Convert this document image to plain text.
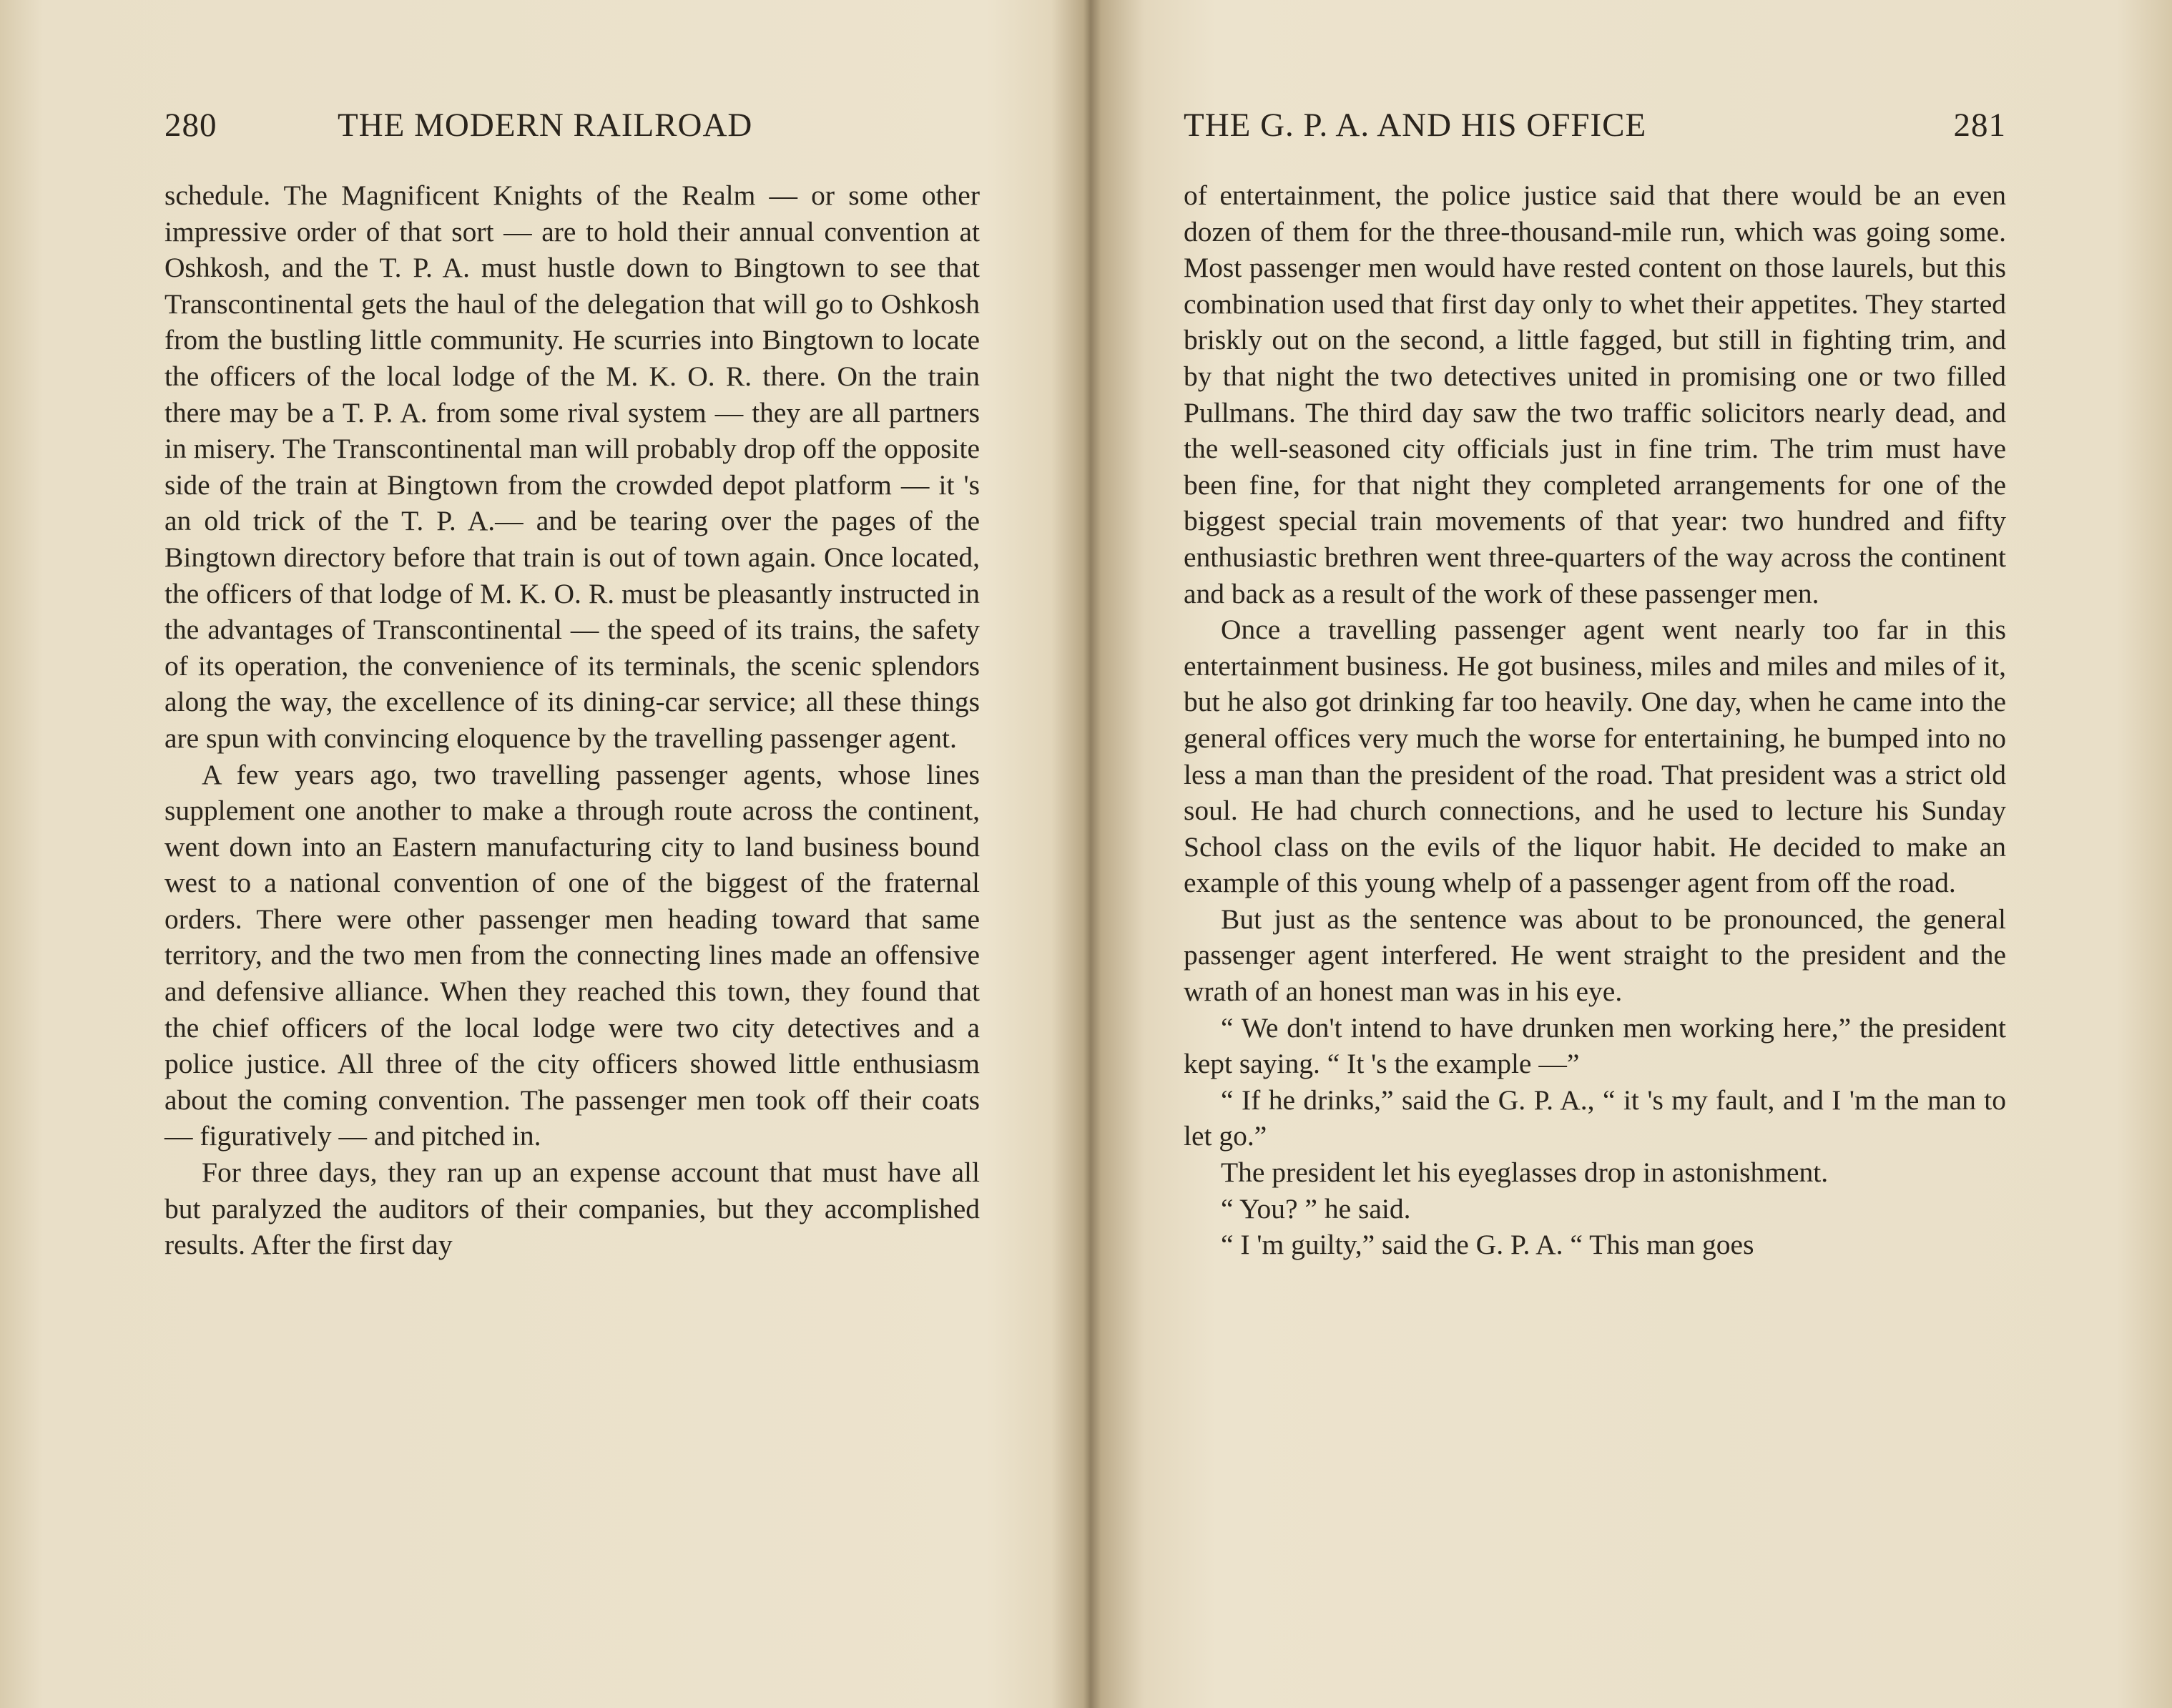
280	THE MODERN RAILROAD

schedule. The Magnificent Knights of the Realm — or some other impressive order of that sort — are to hold their annual convention at Oshkosh, and the T. P. A. must hustle down to Bingtown to see that Transcontinental gets the haul of the delegation that will go to Oshkosh from the bustling little community. He scurries into Bingtown to locate the officers of the local lodge of the M. K. O. R. there. On the train there may be a T. P. A. from some rival system — they are all partners in misery. The Transcontinental man will probably drop off the opposite side of the train at Bingtown from the crowded depot platform — it 's an old trick of the T. P. A.— and be tearing over the pages of the Bingtown directory before that train is out of town again. Once located, the officers of that lodge of M. K. O. R. must be pleasantly instructed in the advantages of Transcontinental — the speed of its trains, the safety of its operation, the convenience of its terminals, the scenic splendors along the way, the excellence of its dining-car service; all these things are spun with convincing eloquence by the travelling passenger agent.

A few years ago, two travelling passenger agents, whose lines supplement one another to make a through route across the continent, went down into an Eastern manufacturing city to land business bound west to a national convention of one of the biggest of the fraternal orders. There were other passenger men heading toward that same territory, and the two men from the connecting lines made an offensive and defensive alliance. When they reached this town, they found that the chief officers of the local lodge were two city detectives and a police justice. All three of the city officers showed little enthusiasm about the coming convention. The passenger men took off their coats — figuratively — and pitched in.

For three days, they ran up an expense account that must have all but paralyzed the auditors of their companies, but they accomplished results. After the first day

THE G. P. A. AND HIS OFFICE	281

of entertainment, the police justice said that there would be an even dozen of them for the three-thousand-mile run, which was going some. Most passenger men would have rested content on those laurels, but this combination used that first day only to whet their appetites. They started briskly out on the second, a little fagged, but still in fighting trim, and by that night the two detectives united in promising one or two filled Pullmans. The third day saw the two traffic solicitors nearly dead, and the well-seasoned city officials just in fine trim. The trim must have been fine, for that night they completed arrangements for one of the biggest special train movements of that year: two hundred and fifty enthusiastic brethren went three-quarters of the way across the continent and back as a result of the work of these passenger men.

Once a travelling passenger agent went nearly too far in this entertainment business. He got business, miles and miles and miles of it, but he also got drinking far too heavily. One day, when he came into the general offices very much the worse for entertaining, he bumped into no less a man than the president of the road. That president was a strict old soul. He had church connections, and he used to lecture his Sunday School class on the evils of the liquor habit. He decided to make an example of this young whelp of a passenger agent from off the road.

But just as the sentence was about to be pronounced, the general passenger agent interfered. He went straight to the president and the wrath of an honest man was in his eye.

“ We don't intend to have drunken men working here,” the president kept saying. “ It 's the example —”

“ If he drinks,” said the G. P. A., “ it 's my fault, and I 'm the man to let go.”

The president let his eyeglasses drop in astonishment.

“ You? ” he said.

“ I 'm guilty,” said the G. P. A. “ This man goes
